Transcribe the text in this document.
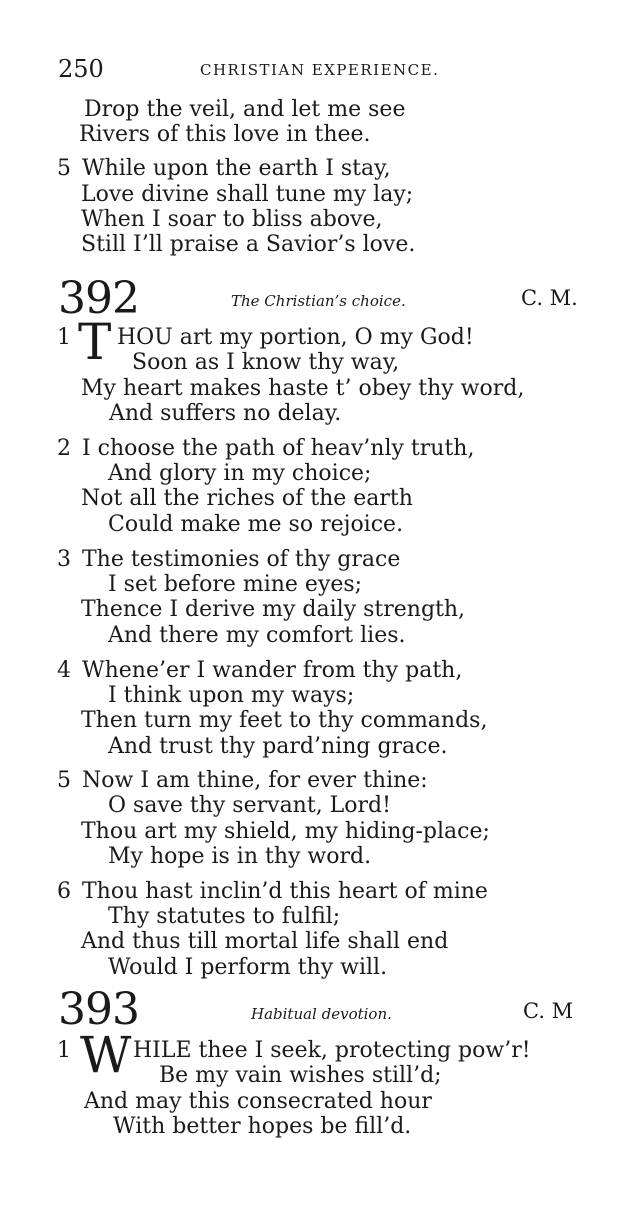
250	CHRISTIAN EXPERIENCE.
Drop the veil, and let me see
Rivers of this love in thee.
5 While upon the earth I stay,
Love divine shall tune my lay;
When I soar to bliss above,
Still I’ll praise a Savior’s love.
392	The Christian’s choice.	C. M.
1 T HOU art my portion, O my God!
Soon as I know thy way,
My heart makes haste t’ obey thy word,
And suffers no delay.
2 I choose the path of heav’nly truth,
And glory in my choice;
Not all the riches of the earth
Could make me so rejoice.
3 The testimonies of thy grace
I set before mine eyes;
Thence I derive my daily strength,
And there my comfort lies.
4 Whene’er I wander from thy path,
I think upon my ways;
Then turn my feet to thy commands,
And trust thy pard’ning grace.
5 Now I am thine, for ever thine:
O save thy servant, Lord!
Thou art my shield, my hiding-place;
My hope is in thy word.
6 Thou hast inclin’d this heart of mine
Thy statutes to fulfil;
And thus till mortal life shall end
Would I perform thy will.
393	Habitual devotion.	C. M
1 W HILE thee I seek, protecting pow’r!
Be my vain wishes still’d;
And may this consecrated hour
With better hopes be fill’d.
